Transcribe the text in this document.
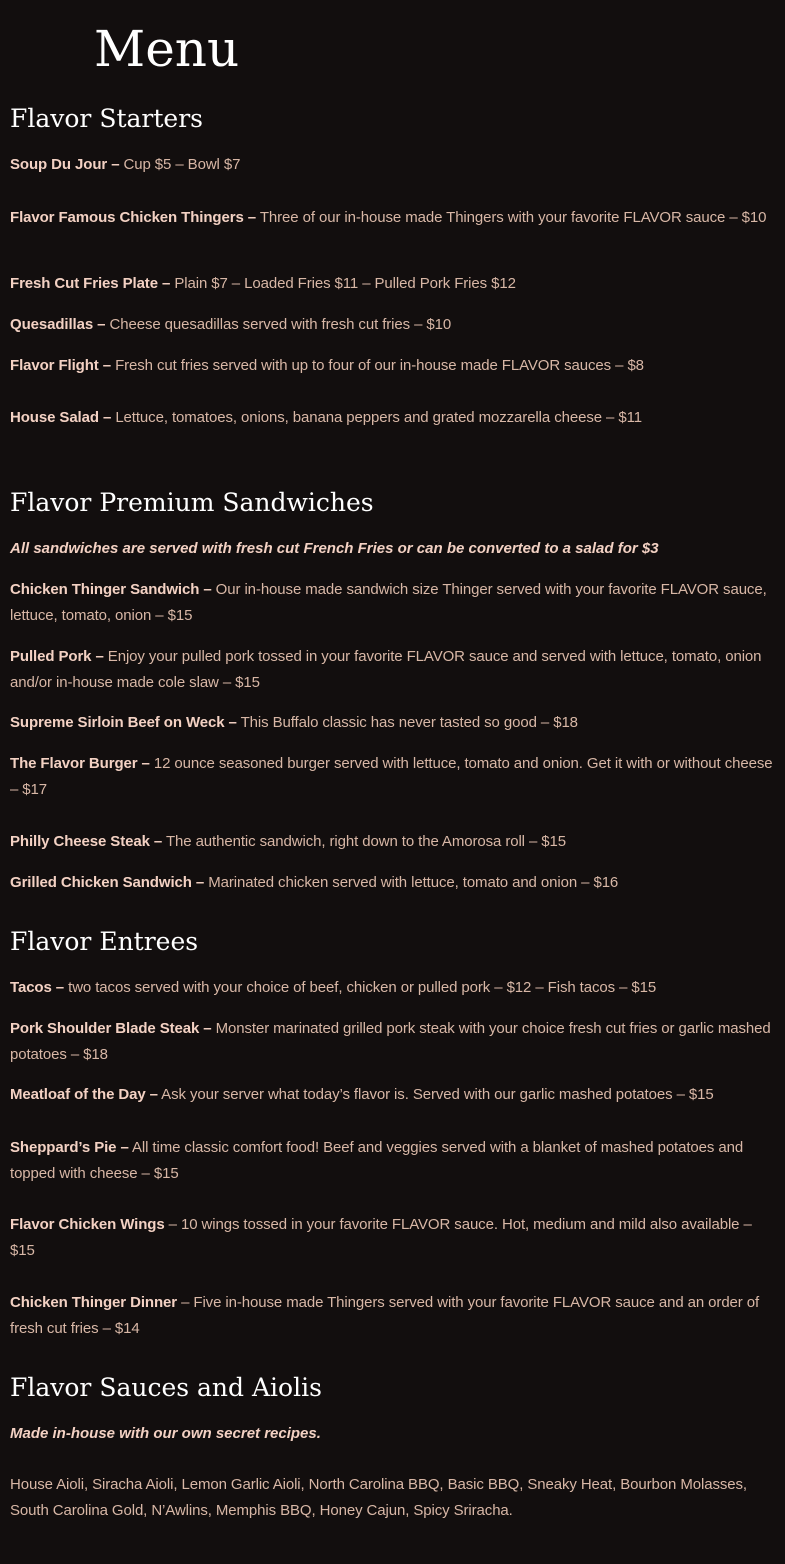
Menu
Flavor Starters

Soup Du Jour – Cup $5 – Bowl $7

Flavor Famous Chicken Thingers – Three of our in-house made Thingers with your favorite FLAVOR sauce – $10

Fresh Cut Fries Plate – Plain $7 – Loaded Fries $11 – Pulled Pork Fries $12

Quesadillas – Cheese quesadillas served with fresh cut fries – $10

Flavor Flight – Fresh cut fries served with up to four of our in-house made FLAVOR sauces – $8

House Salad – Lettuce, tomatoes, onions, banana peppers and grated mozzarella cheese – $11

Flavor Premium Sandwiches

All sandwiches are served with fresh cut French Fries or can be converted to a salad for $3

Chicken Thinger Sandwich – Our in-house made sandwich size Thinger served with your favorite FLAVOR sauce, lettuce, tomato, onion – $15

Pulled Pork – Enjoy your pulled pork tossed in your favorite FLAVOR sauce and served with lettuce, tomato, onion and/or in-house made cole slaw – $15

Supreme Sirloin Beef on Weck – This Buffalo classic has never tasted so good – $18

The Flavor Burger – 12 ounce seasoned burger served with lettuce, tomato and onion. Get it with or without cheese – $17

Philly Cheese Steak – The authentic sandwich, right down to the Amorosa roll – $15

Grilled Chicken Sandwich – Marinated chicken served with lettuce, tomato and onion – $16

Flavor Entrees

Tacos – two tacos served with your choice of beef, chicken or pulled pork – $12 – Fish tacos – $15

Pork Shoulder Blade Steak – Monster marinated grilled pork steak with your choice fresh cut fries or garlic mashed potatoes – $18

Meatloaf of the Day – Ask your server what today’s flavor is. Served with our garlic mashed potatoes – $15

Sheppard’s Pie – All time classic comfort food! Beef and veggies served with a blanket of mashed potatoes and topped with cheese – $15

Flavor Chicken Wings – 10 wings tossed in your favorite FLAVOR sauce. Hot, medium and mild also available – $15

Chicken Thinger Dinner – Five in-house made Thingers served with your favorite FLAVOR sauce and an order of fresh cut fries – $14

Flavor Sauces and Aiolis

Made in-house with our own secret recipes.

House Aioli, Siracha Aioli, Lemon Garlic Aioli, North Carolina BBQ, Basic BBQ, Sneaky Heat, Bourbon Molasses, South Carolina Gold, N’Awlins, Memphis BBQ, Honey Cajun, Spicy Sriracha.
